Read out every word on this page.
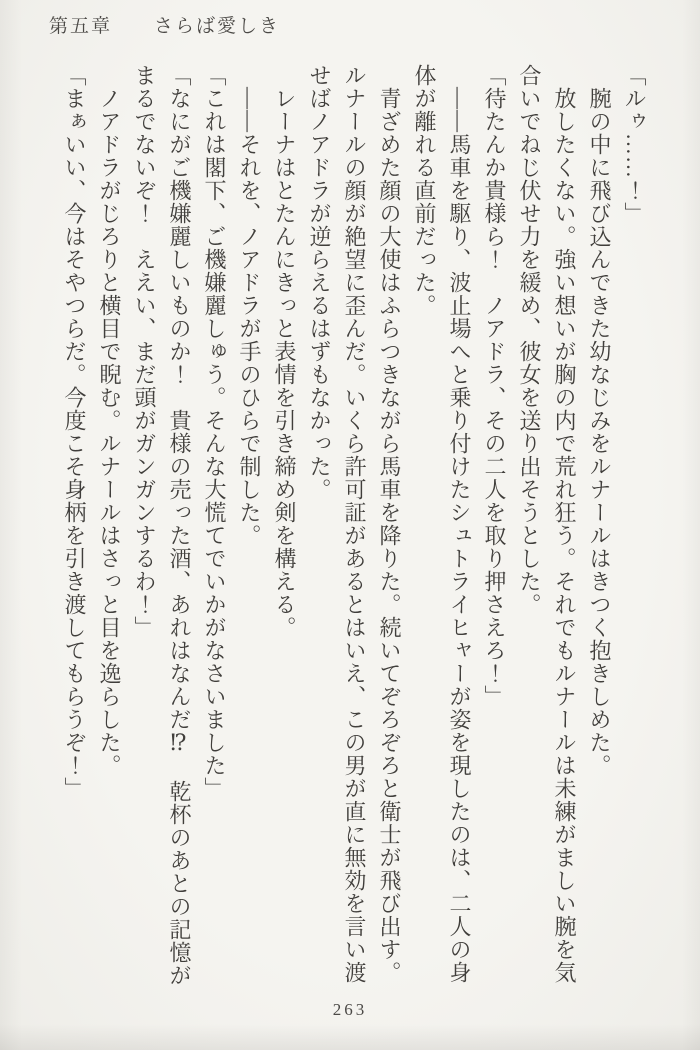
第五章　　さらば愛しき

「ルゥ……！」

腕の中に飛び込んできた幼なじみをルナールはきつく抱きしめた。

放したくない。強い想いが胸の内で荒れ狂う。それでもルナールは未練がましい腕を気合いでねじ伏せ力を緩め、彼女を送り出そうとした。

「待たんか貴様ら！　ノアドラ、その二人を取り押さえろ！」

――馬車を駆り、波止場へと乗り付けたシュトライヒャーが姿を現したのは、二人の身体が離れる直前だった。

青ざめた顔の大使はふらつきながら馬車を降りた。続いてぞろぞろと衛士が飛び出す。

ルナールの顔が絶望に歪んだ。いくら許可証があるとはいえ、この男が直に無効を言い渡せばノアドラが逆らえるはずもなかった。

レーナはとたんにきっと表情を引き締め剣を構える。

――それを、ノアドラが手のひらで制した。

「これは閣下、ご機嫌麗しゅう。そんな大慌てでいかがなさいました」

「なにがご機嫌麗しいものか！　貴様の売った酒、あれはなんだ⁉　乾杯のあとの記憶がまるでないぞ！　ええい、まだ頭がガンガンするわ！」

ノアドラがじろりと横目で睨む。ルナールはさっと目を逸らした。

「まぁいい、今はそやつらだ。今度こそ身柄を引き渡してもらうぞ！」

263
